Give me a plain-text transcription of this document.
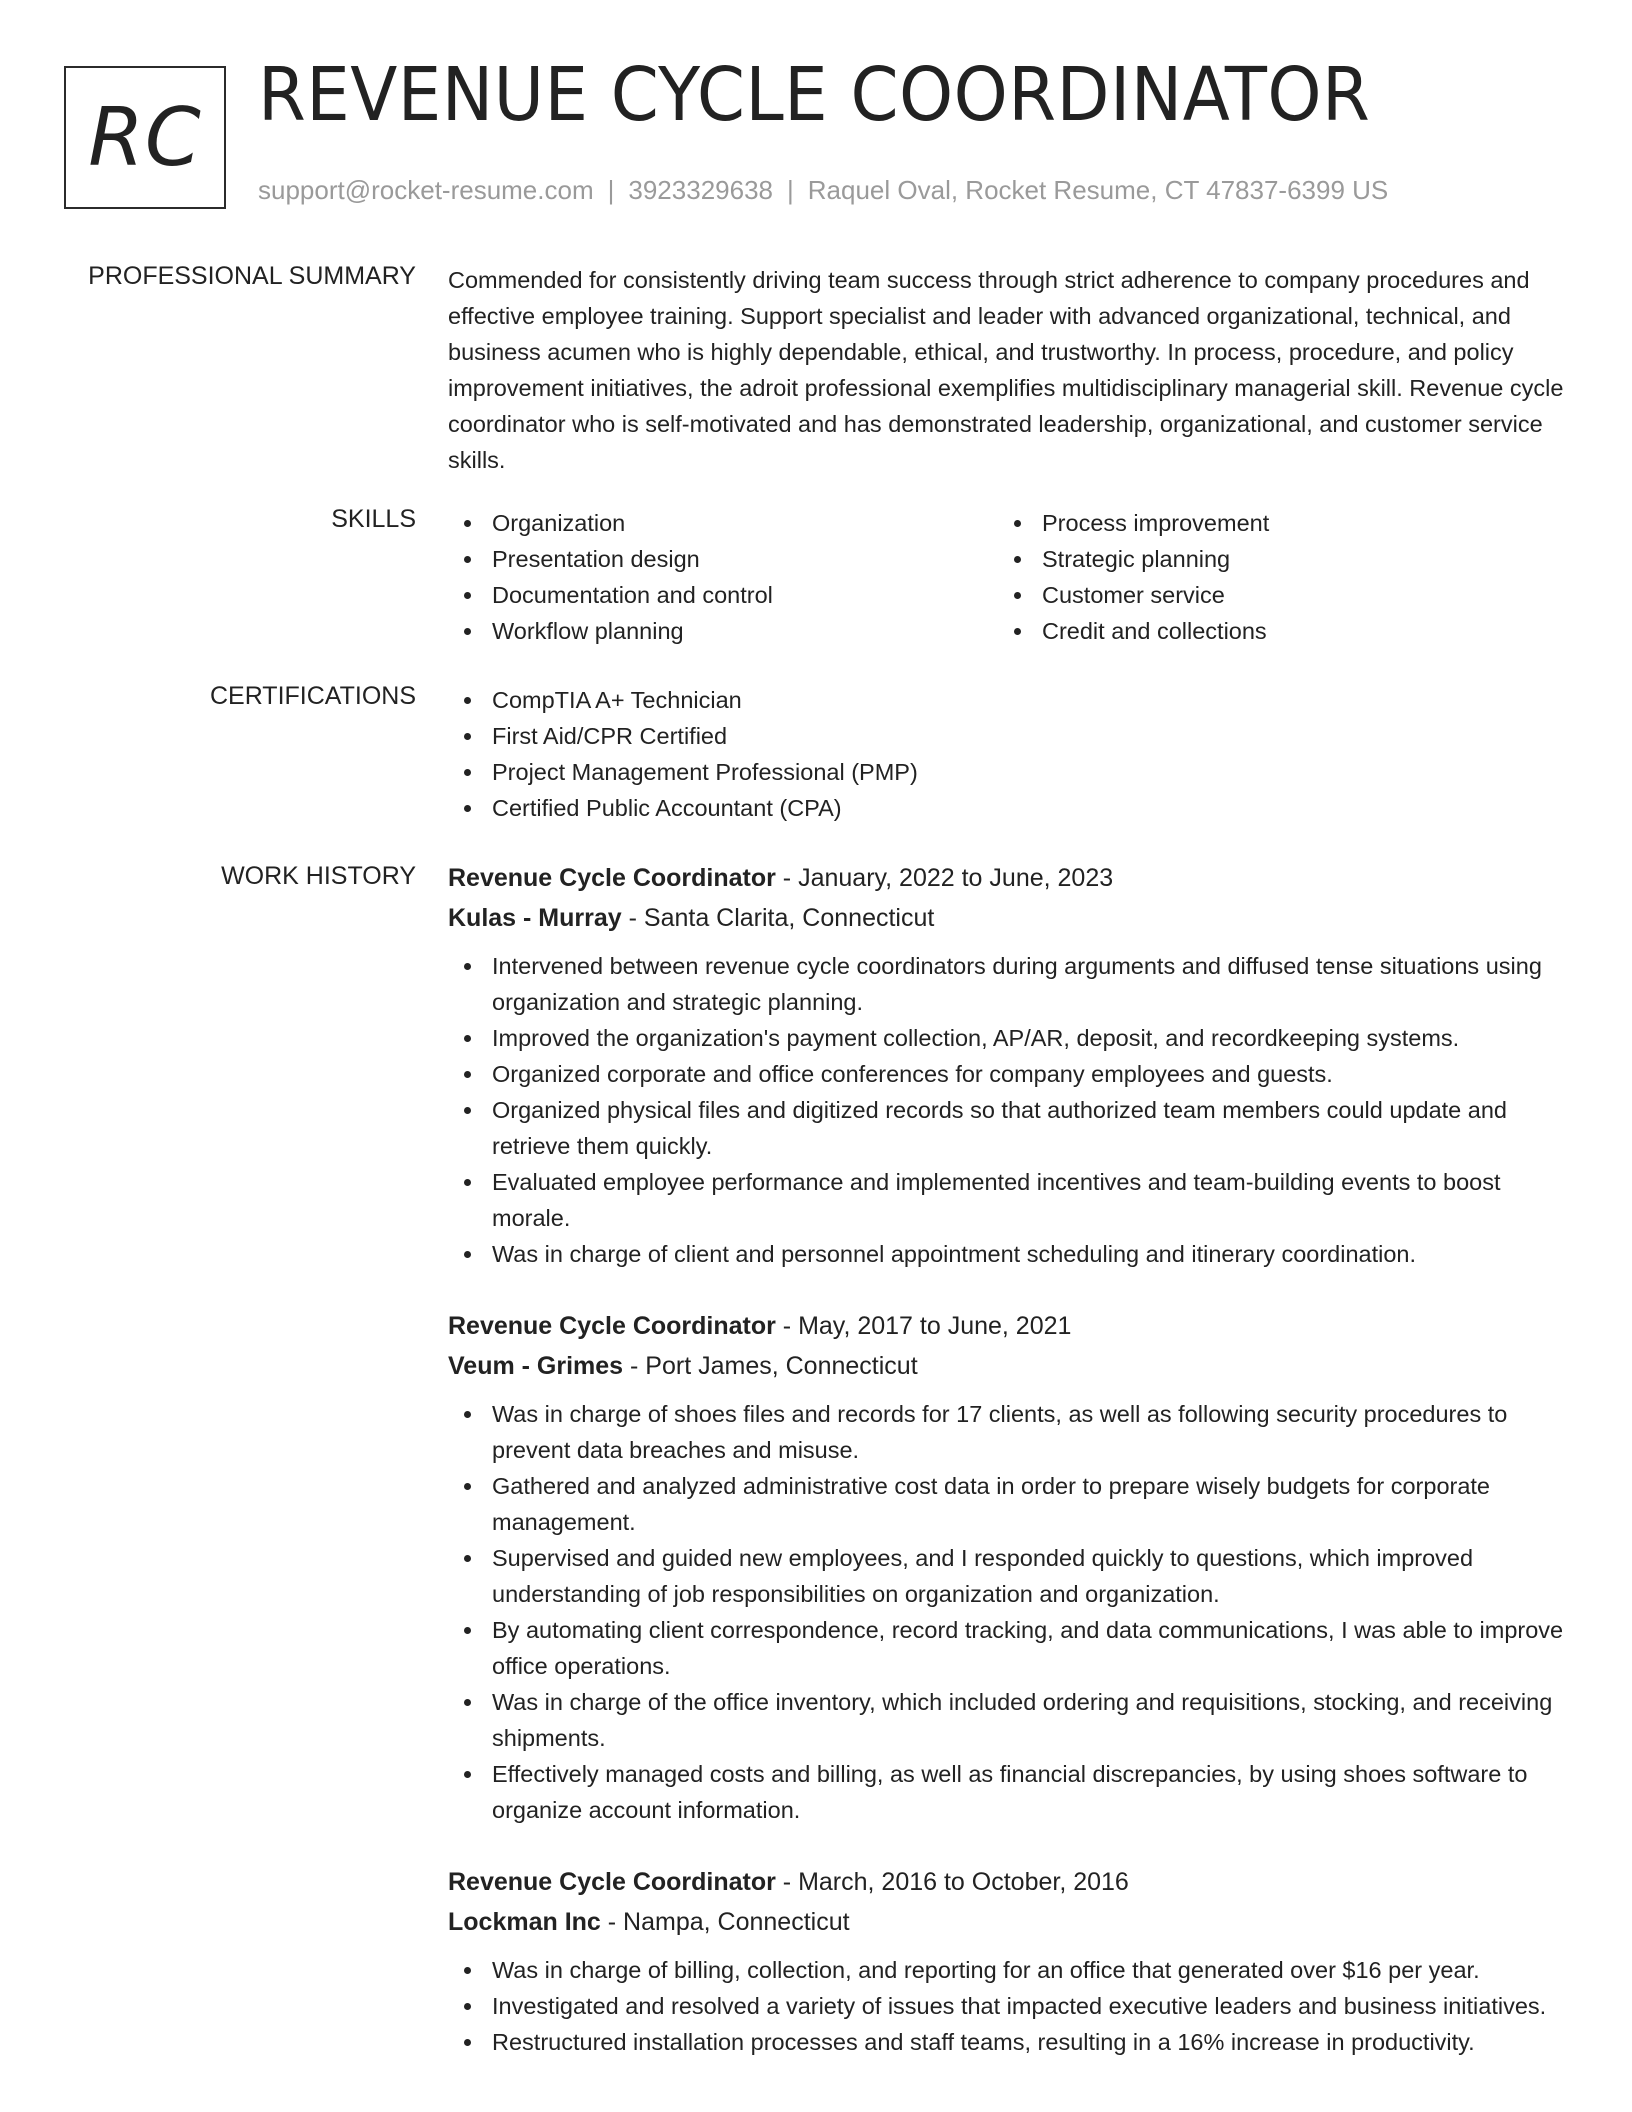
RC REVENUE CYCLE COORDINATOR
support@rocket-resume.com | 3923329638 | Raquel Oval, Rocket Resume, CT 47837-6399 US
PROFESSIONAL SUMMARY Commended for consistently driving team success through strict adherence to company procedures and effective employee training. Support specialist and leader with advanced organizational, technical, and business acumen who is highly dependable, ethical, and trustworthy. In process, procedure, and policy improvement initiatives, the adroit professional exemplifies multidisciplinary managerial skill. Revenue cycle coordinator who is self-motivated and has demonstrated leadership, organizational, and customer service skills.
SKILLS	Organization
Presentation design
Documentation and control
Workflow planning
Process improvement
Strategic planning
Customer service
Credit and collections
CERTIFICATIONS	CompTIA A+ Technician
First Aid/CPR Certified
Project Management Professional (PMP)
Certified Public Accountant (CPA)
WORK HISTORY Revenue Cycle Coordinator - January, 2022 to June, 2023
Kulas - Murray - Santa Clarita, Connecticut
Intervened between revenue cycle coordinators during arguments and diffused tense situations using organization and strategic planning.
Improved the organization's payment collection, AP/AR, deposit, and recordkeeping systems.
Organized corporate and office conferences for company employees and guests.
Organized physical files and digitized records so that authorized team members could update and retrieve them quickly.
Evaluated employee performance and implemented incentives and team-building events to boost morale.
Was in charge of client and personnel appointment scheduling and itinerary coordination.
Revenue Cycle Coordinator - May, 2017 to June, 2021
Veum - Grimes - Port James, Connecticut
Was in charge of shoes files and records for 17 clients, as well as following security procedures to prevent data breaches and misuse.
Gathered and analyzed administrative cost data in order to prepare wisely budgets for corporate management.
Supervised and guided new employees, and I responded quickly to questions, which improved understanding of job responsibilities on organization and organization.
By automating client correspondence, record tracking, and data communications, I was able to improve office operations.
Was in charge of the office inventory, which included ordering and requisitions, stocking, and receiving shipments.
Effectively managed costs and billing, as well as financial discrepancies, by using shoes software to organize account information.
Revenue Cycle Coordinator - March, 2016 to October, 2016
Lockman Inc - Nampa, Connecticut
Was in charge of billing, collection, and reporting for an office that generated over $16 per year.
Investigated and resolved a variety of issues that impacted executive leaders and business initiatives.
Restructured installation processes and staff teams, resulting in a 16% increase in productivity.
